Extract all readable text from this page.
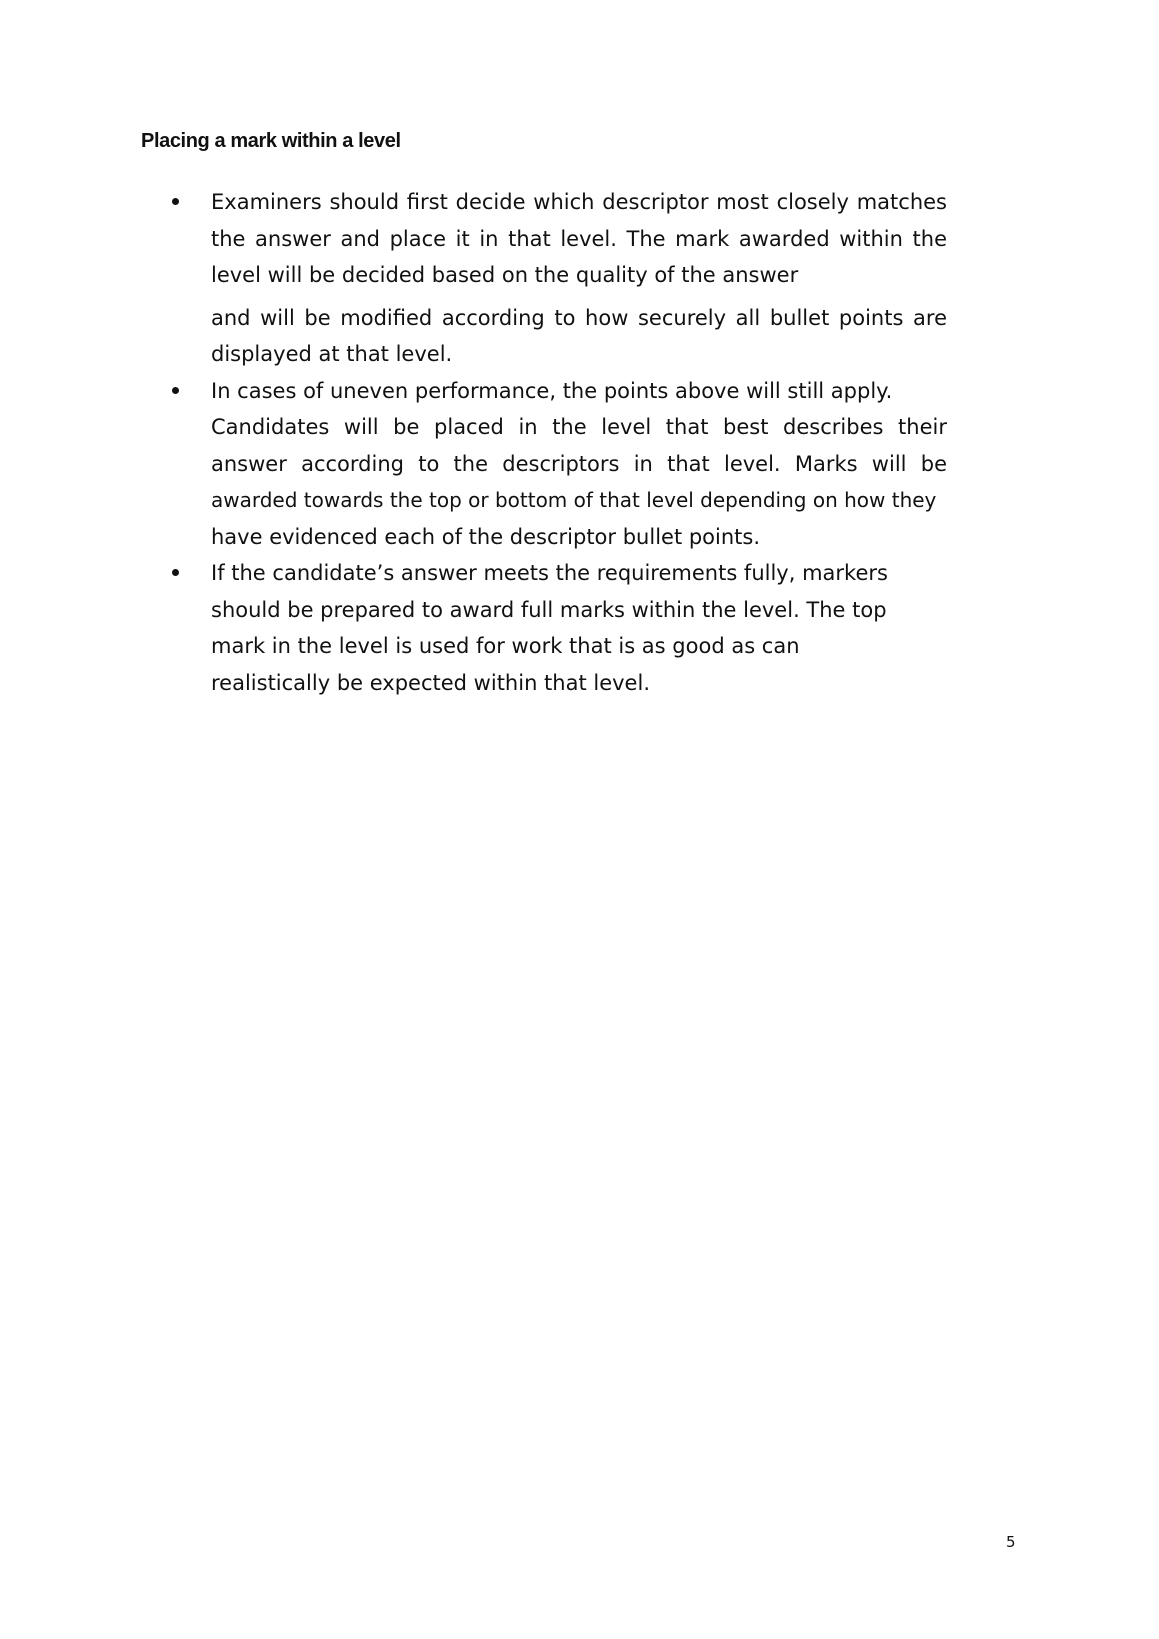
Placing a mark within a level

Examiners should first decide which descriptor most closely matches the answer and place it in that level. The mark awarded within the level will be decided based on the quality of the answer

and will be modified according to how securely all bullet points are displayed at that level.

In cases of uneven performance, the points above will still apply.

Candidates will be placed in the level that best describes their answer according to the descriptors in that level. Marks will be

awarded towards the top or bottom of that level depending on how they

have evidenced each of the descriptor bullet points.

If the candidate’s answer meets the requirements fully, markers should be prepared to award full marks within the level. The top mark in the level is used for work that is as good as can realistically be expected within that level.

5
